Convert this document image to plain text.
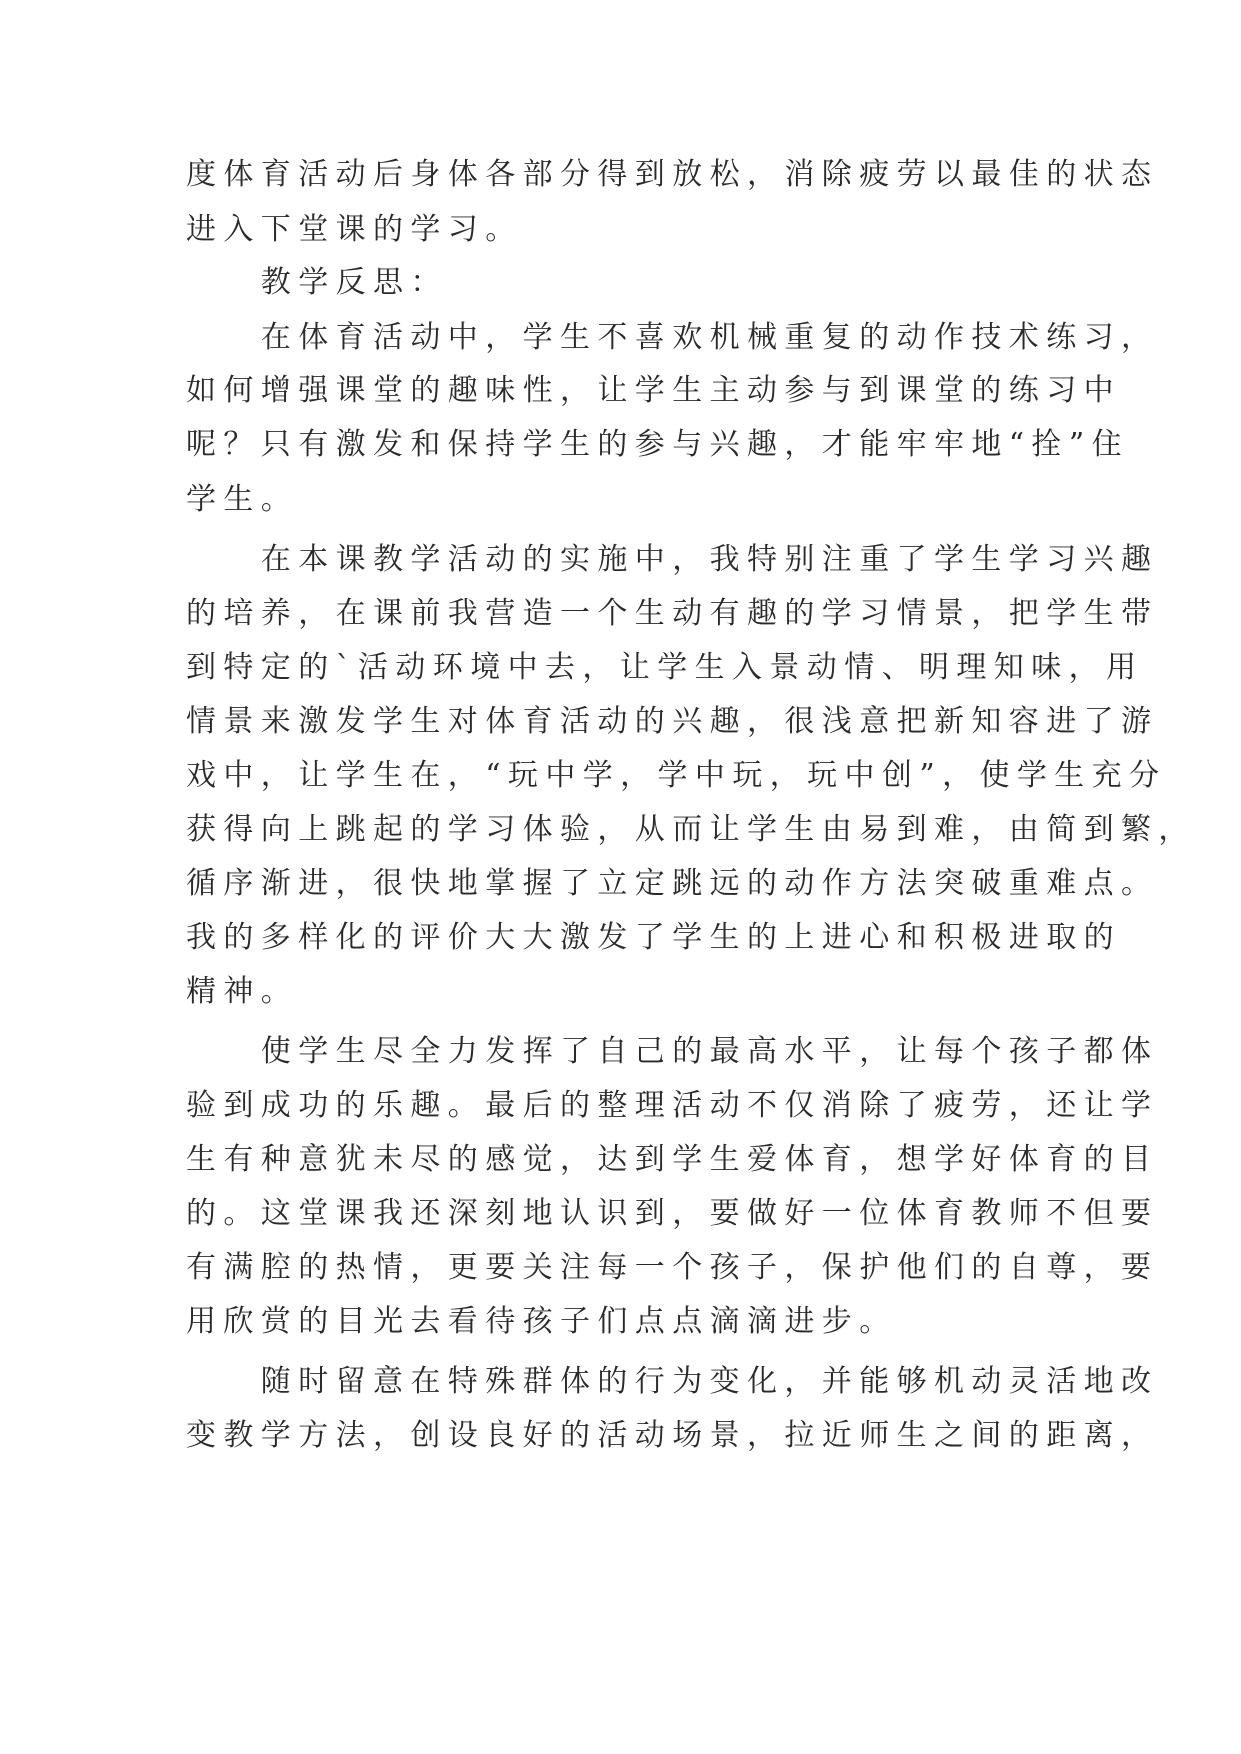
度体育活动后身体各部分得到放松，消除疲劳以最佳的状态
进入下堂课的学习。
　　教学反思：
　　在体育活动中，学生不喜欢机械重复的动作技术练习，
如何增强课堂的趣味性，让学生主动参与到课堂的练习中
呢？只有激发和保持学生的参与兴趣，才能牢牢地“拴”住
学生。
　　在本课教学活动的实施中，我特别注重了学生学习兴趣
的培养，在课前我营造一个生动有趣的学习情景，把学生带
到特定的`活动环境中去，让学生入景动情、明理知味，用
情景来激发学生对体育活动的兴趣，很浅意把新知容进了游
戏中，让学生在，“玩中学，学中玩，玩中创”，使学生充分
获得向上跳起的学习体验，从而让学生由易到难，由简到繁，
循序渐进，很快地掌握了立定跳远的动作方法突破重难点。
我的多样化的评价大大激发了学生的上进心和积极进取的
精神。
　　使学生尽全力发挥了自己的最高水平，让每个孩子都体
验到成功的乐趣。最后的整理活动不仅消除了疲劳，还让学
生有种意犹未尽的感觉，达到学生爱体育，想学好体育的目
的。这堂课我还深刻地认识到，要做好一位体育教师不但要
有满腔的热情，更要关注每一个孩子，保护他们的自尊，要
用欣赏的目光去看待孩子们点点滴滴进步。
　　随时留意在特殊群体的行为变化，并能够机动灵活地改
变教学方法，创设良好的活动场景，拉近师生之间的距离，
